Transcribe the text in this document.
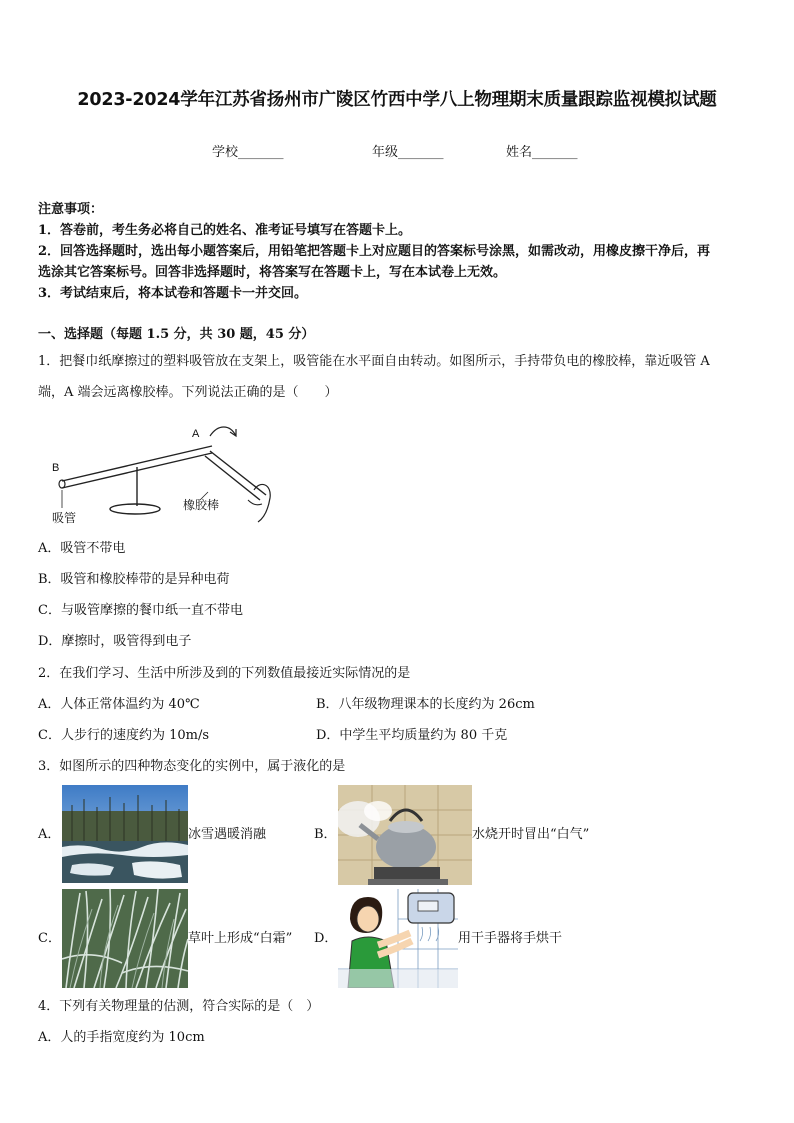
2023-2024学年江苏省扬州市广陵区竹西中学八上物理期末质量跟踪监视模拟试题
学校_______	年级_______	姓名_______
注意事项：
1．答卷前，考生务必将自己的姓名、准考证号填写在答题卡上。
2．回答选择题时，选出每小题答案后，用铅笔把答题卡上对应题目的答案标号涂黑，如需改动，用橡皮擦干净后，再
选涂其它答案标号。回答非选择题时，将答案写在答题卡上，写在本试卷上无效。
3．考试结束后，将本试卷和答题卡一并交回。
一、选择题（每题 1.5 分，共 30 题，45 分）
1．把餐巾纸摩擦过的塑料吸管放在支架上，吸管能在水平面自由转动。如图所示，手持带负电的橡胶棒，靠近吸管 A
端，A 端会远离橡胶棒。下列说法正确的是（　　）
A
B
吸管
橡胶棒
A．吸管不带电
B．吸管和橡胶棒带的是异种电荷
C．与吸管摩擦的餐巾纸一直不带电
D．摩擦时，吸管得到电子
2．在我们学习、生活中所涉及到的下列数值最接近实际情况的是
A．人体正常体温约为 40℃	B．八年级物理课本的长度约为 26cm
C．人步行的速度约为 10m/s	D．中学生平均质量约为 80 千克
3．如图所示的四种物态变化的实例中，属于液化的是
A．	冰雪遇暖消融	B．	水烧开时冒出“白气”
C．	草叶上形成“白霜” D．	用干手器将手烘干
4．下列有关物理量的估测，符合实际的是（　）
A．人的手指宽度约为 10cm
